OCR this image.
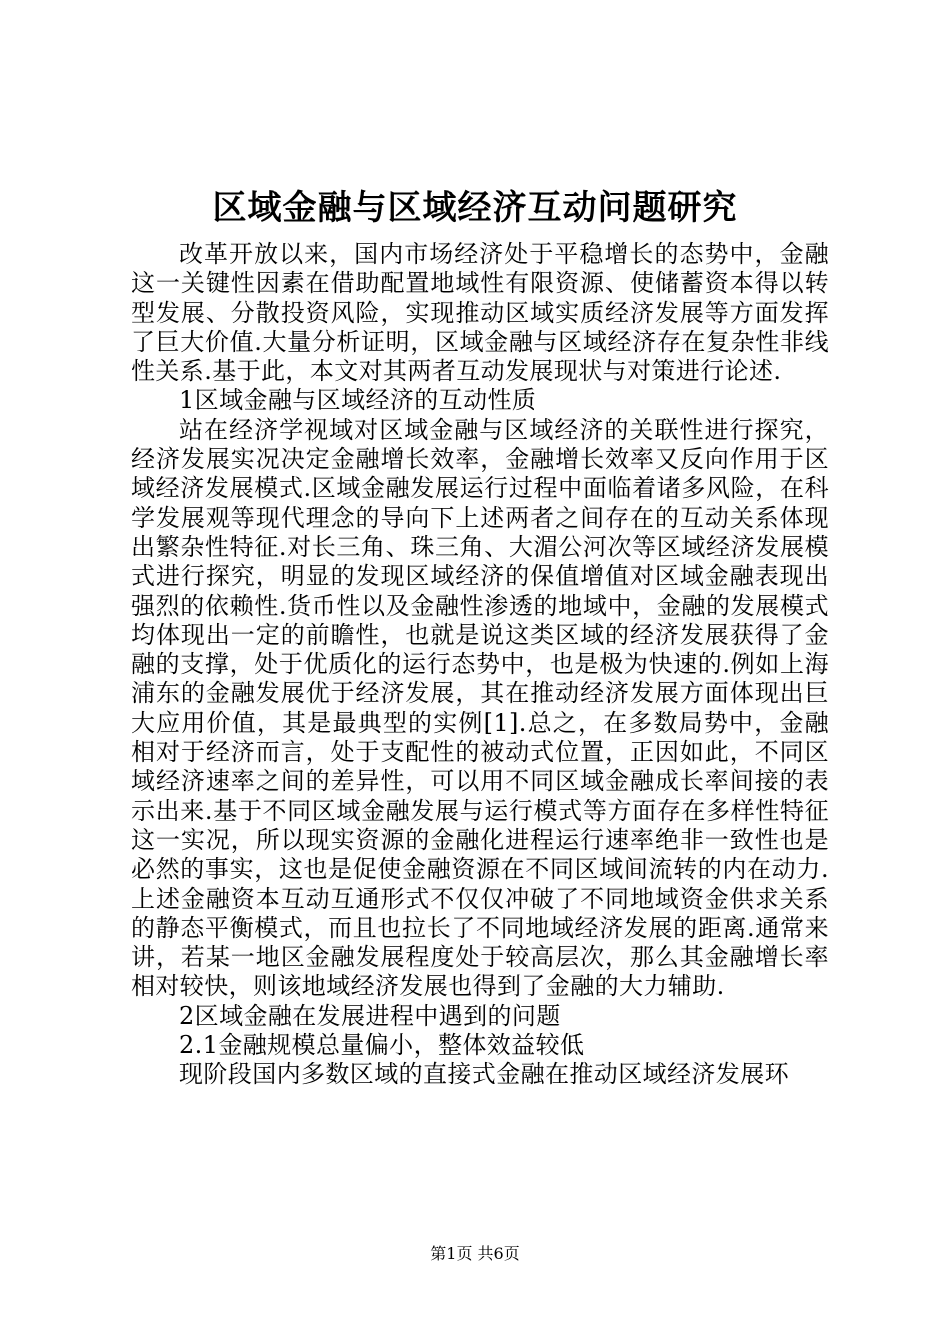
区域金融与区域经济互动问题研究

改革开放以来，国内市场经济处于平稳增长的态势中，金融这一关键性因素在借助配置地域性有限资源、使储蓄资本得以转型发展、分散投资风险，实现推动区域实质经济发展等方面发挥了巨大价值.大量分析证明，区域金融与区域经济存在复杂性非线性关系.基于此，本文对其两者互动发展现状与对策进行论述.

1区域金融与区域经济的互动性质

站在经济学视域对区域金融与区域经济的关联性进行探究，经济发展实况决定金融增长效率，金融增长效率又反向作用于区域经济发展模式.区域金融发展运行过程中面临着诸多风险，在科学发展观等现代理念的导向下上述两者之间存在的互动关系体现出繁杂性特征.对长三角、珠三角、大湄公河次等区域经济发展模式进行探究，明显的发现区域经济的保值增值对区域金融表现出强烈的依赖性.货币性以及金融性渗透的地域中，金融的发展模式均体现出一定的前瞻性，也就是说这类区域的经济发展获得了金融的支撑，处于优质化的运行态势中，也是极为快速的.例如上海浦东的金融发展优于经济发展，其在推动经济发展方面体现出巨大应用价值，其是最典型的实例[1].总之，在多数局势中，金融相对于经济而言，处于支配性的被动式位置，正因如此，不同区域经济速率之间的差异性，可以用不同区域金融成长率间接的表示出来.基于不同区域金融发展与运行模式等方面存在多样性特征这一实况，所以现实资源的金融化进程运行速率绝非一致性也是必然的事实，这也是促使金融资源在不同区域间流转的内在动力.上述金融资本互动互通形式不仅仅冲破了不同地域资金供求关系的静态平衡模式，而且也拉长了不同地域经济发展的距离.通常来讲，若某一地区金融发展程度处于较高层次，那么其金融增长率相对较快，则该地域经济发展也得到了金融的大力辅助.

2区域金融在发展进程中遇到的问题

2.1金融规模总量偏小，整体效益较低

现阶段国内多数区域的直接式金融在推动区域经济发展环

第1页 共6页
